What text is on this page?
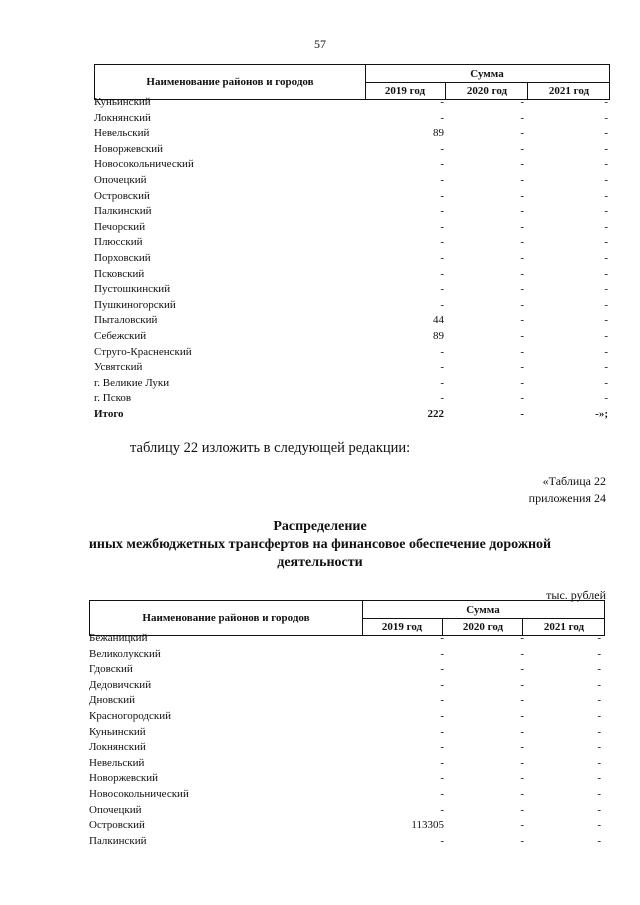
57
Наименование районов и городов
Сумма
2019 год	2020 год	2021 год
Куньинский	-	-	-
Локнянский	-	-	-
Невельский	89	-	-
Новоржевский	-	-	-
Новосокольнический	-	-	-
Опочецкий	-	-	-
Островский	-	-	-
Палкинский	-	-	-
Печорский	-	-	-
Плюсский	-	-	-
Порховский	-	-	-
Псковский	-	-	-
Пустошкинский	-	-	-
Пушкиногорский	-	-	-
Пыталовский	44	-	-
Себежский	89	-	-
Струго-Красненский	-	-	-
Усвятский	-	-	-
г. Великие Луки	-	-	-
г. Псков	-	-	-
Итого	222	-	-»;
таблицу 22 изложить в следующей редакции:
«Таблица 22
приложения 24
Распределение
иных межбюджетных трансфертов на финансовое обеспечение дорожной
деятельности
тыс. рублей
Наименование районов и городов
Сумма
2019 год	2020 год	2021 год
Бежаницкий	-	-	-
Великолукский	-	-	-
Гдовский	-	-	-
Дедовичский	-	-	-
Дновский	-	-	-
Красногородский	-	-	-
Куньинский	-	-	-
Локнянский	-	-	-
Невельский	-	-	-
Новоржевский	-	-	-
Новосокольнический	-	-	-
Опочецкий	-	-	-
Островский	113305	-	-
Палкинский	-	-	-
